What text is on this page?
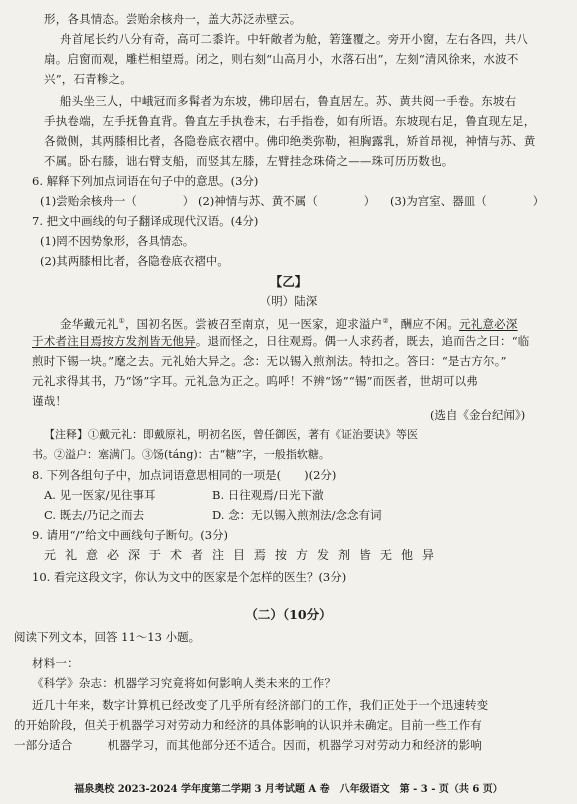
形，各具情态。尝贻余核舟一，盖大苏泛赤壁云。
舟首尾长约八分有奇，高可二黍许。中轩敞者为舱，箬篷覆之。旁开小窗，左右各四，共八
扇。启窗而观，雕栏相望焉。闭之，则右刻“山高月小，水落石出”，左刻“清风徐来，水波不
兴”，石青糁之。
船头坐三人，中峨冠而多髯者为东坡，佛印居右，鲁直居左。苏、黄共阅一手卷。东坡右
手执卷端，左手抚鲁直背。鲁直左手执卷末，右手指卷，如有所语。东坡现右足，鲁直现左足，
各微侧，其两膝相比者，各隐卷底衣褶中。佛印绝类弥勒，袒胸露乳，矫首昂视，神情与苏、黄
不属。卧右膝，诎右臂支船，而竖其左膝，左臂挂念珠倚之——珠可历历数也。
6. 解释下列加点词语在句子中的意思。(3分)
(1)尝贻余核舟一（　　　　） (2)神情与苏、黄不属（　　　　） (3)为宫室、器皿（　　　　）
7. 把文中画线的句子翻译成现代汉语。(4分)
(1)罔不因势象形，各具情态。
(2)其两膝相比者，各隐卷底衣褶中。
【乙】
（明）陆深
金华戴元礼①，国初名医。尝被召至南京，见一医家，迎求溢户②，酬应不闲。元礼意必深
于术者注目焉按方发剂皆无他异。退而怪之，日往观焉。偶一人求药者，既去，追而告之曰：“临
煎时下锡一块。”麾之去。元礼始大异之。念：无以锡入煎剂法。特扣之。答曰：“是古方尔。”
元礼求得其书，乃“饧”字耳。元礼急为正之。呜呼！不辨“饧”“锡”而医者，世胡可以弗
谨哉！
(选自《金台纪闻》)
【注释】①戴元礼：即戴原礼，明初名医，曾任御医，著有《证治要诀》等医
书。②溢户：塞满门。③饧(táng)：古“糖”字，一般指软糖。
8. 下列各组句子中，加点词语意思相同的一项是(　　)(2分)
A. 见一医家/见往事耳	B. 日往观焉/日光下澈
C. 既去/乃记之而去	D. 念：无以锡入煎剂法/念念有词
9. 请用“/”给文中画线句子断句。(3分)
元礼意必深于术者注目焉按方发剂皆无他异
10. 看完这段文字，你认为文中的医家是个怎样的医生？(3分)
（二）（10分）
阅读下列文本，回答 11～13 小题。
材料一：
《科学》杂志：机器学习究竟将如何影响人类未来的工作？
近几十年来，数字计算机已经改变了几乎所有经济部门的工作，我们正处于一个迅速转变
的开始阶段，但关于机器学习对劳动力和经济的具体影响的认识并未确定。目前一些工作有
一部分适合　　　机器学习，而其他部分还不适合。因而，机器学习对劳动力和经济的影响
福泉奥校 2023-2024 学年度第二学期 3 月考试题 A 卷　八年级语文　第 - 3 - 页（共 6 页）
